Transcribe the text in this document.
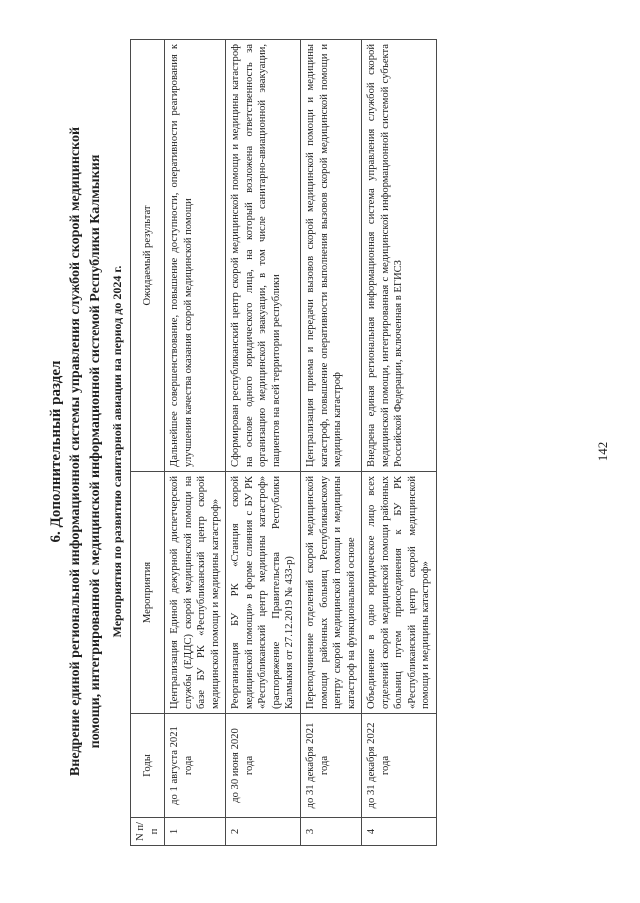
6. Дополнительный раздел Внедрение единой региональной информационной системы управления службой скорой медицинской помощи, интегрированной с медицинской информационной системой Республики Калмыкия Мероприятия по развитию санитарной авиации на период до 2024 г.
N п/п	Годы	Мероприятия	Ожидаемый результат
1	до 1 августа 2021 года	Централизация Единой дежурной диспетчерской службы (ЕДДС) скорой медицинской помощи на базе БУ РК «Республиканский центр скорой медицинской помощи и медицины катастроф»	Дальнейшее совершенствование, повышение доступности, оперативности реагирования к улучшения качества оказания скорой медицинской помощи
2	до 30 июня 2020 года	Реорганизация БУ РК «Станция скорой медицинской помощи» в форме слияния с БУ РК «Республиканский центр медицины катастроф» (распоряжение Правительства Республики Калмыкия от 27.12.2019 № 433-р)	Сформирован республиканский центр скорой медицинской помощи и медицины катастроф на основе одного юридического лица, на который возложена ответственность за организацию медицинской эвакуации, в том числе санитарно-авиационной эвакуации, пациентов на всей территории республики
3	до 31 декабря 2021 года	Переподчинение отделений скорой медицинской помощи районных больниц Республиканскому центру скорой медицинской помощи и медицины катастроф на функциональной основе	Централизация приема и передачи вызовов скорой медицинской помощи и медицины катастроф, повышение оперативности выполнения вызовов скорой медицинской помощи и медицины катастроф
4	до 31 декабря 2022 года	Объединение в одно юридическое лицо всех отделений скорой медицинской помощи районных больниц путем присоединения к БУ РК «Республиканский центр скорой медицинской помощи и медицины катастроф»	Внедрена единая региональная информационная система управления службой скорой медицинской помощи, интегрированная с медицинской информационной системой субъекта Российской Федерации, включенная в ЕГИСЗ	142
